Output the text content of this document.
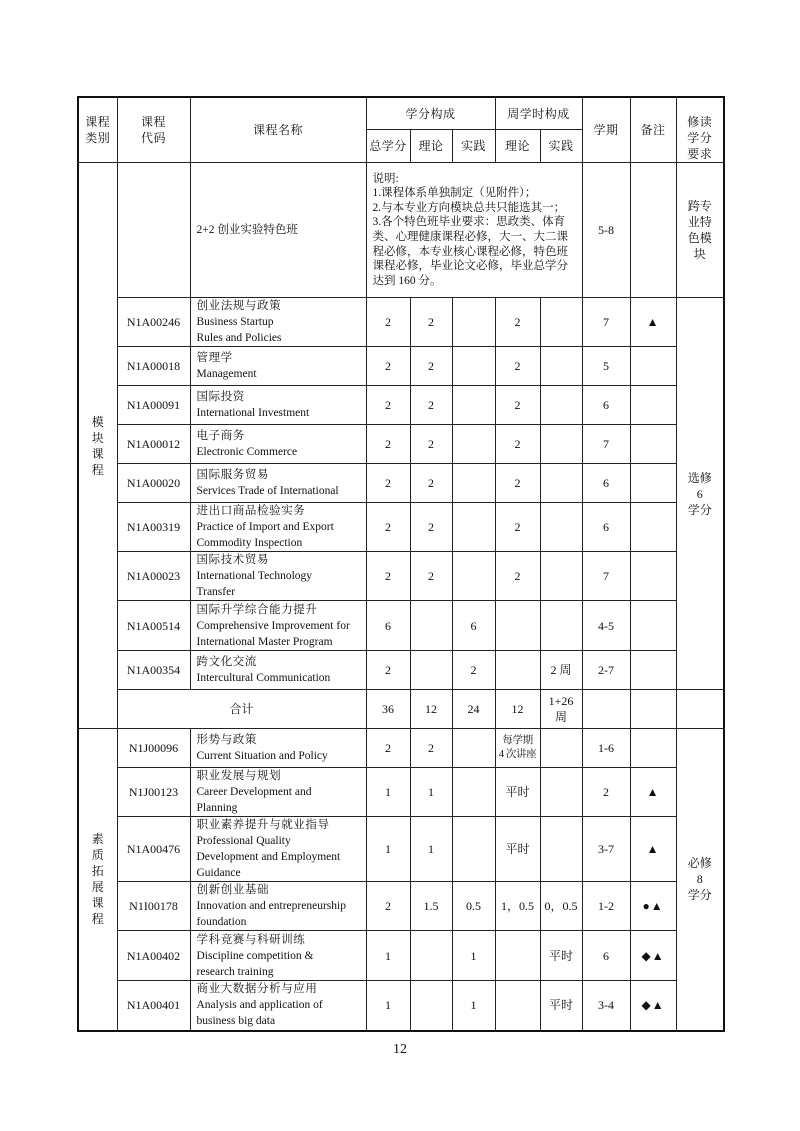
课程
类别	课程
代码	课程名称	学分构成			周学时构成		学期	备注	修读学分要求

			总学分	理论	实践	理论	实践			
模块课程		2+2 创业实验特色班	说明:
1.课程体系单独制定（见附件）；
2.与本专业方向模块总共只能选其一；
3.各个特色班毕业要求：思政类、体育类、心理健康课程必修，大一、大二课程必修，本专业核心课程必修，特色班课程必修，毕业论文必修，毕业总学分达到 160 分。					5-8		跨专业特色模块
	N1A00246	创业法规与政策
Business Startup
Rules and Policies	2	2		2		7	▲	选修
6
学分
	N1A00018	管理学
Management	2	2		2		5		
	N1A00091	国际投资
International Investment	2	2		2		6		
	N1A00012	电子商务
Electronic Commerce	2	2		2		7		
	N1A00020	国际服务贸易
Services Trade of International	2	2		2		6		
	N1A00319	进出口商品检验实务
Practice of Import and Export
Commodity Inspection	2	2		2		6		
	N1A00023	国际技术贸易
International Technology
Transfer	2	2		2		7		
	N1A00514	国际升学综合能力提升
Comprehensive Improvement for
International Master Program	6		6			4-5		
	N1A00354	跨文化交流
Intercultural Communication	2		2		2 周	2-7		
	合计		36	12	24	12	1+26
周			
素质拓展课程	N1J00096	形势与政策
Current Situation and Policy	2	2		每学期
4 次讲座		1-6		必修
8
学分
	N1J00123	职业发展与规划
Career Development and
Planning	1	1		平时		2	▲	
	N1A00476	职业素养提升与就业指导
Professional Quality
Development and Employment
Guidance	1	1		平时		3-7	▲	
	N1I00178	创新创业基础
Innovation and entrepreneurship
foundation	2	1.5	0.5	1，0.5	0，0.5	1-2	●▲	
	N1A00402	学科竞赛与科研训练
Discipline competition &
research training	1		1		平时	6	◆▲	
	N1A00401	商业大数据分析与应用
Analysis and application of
business big data	1		1		平时	3-4	◆▲	
12
